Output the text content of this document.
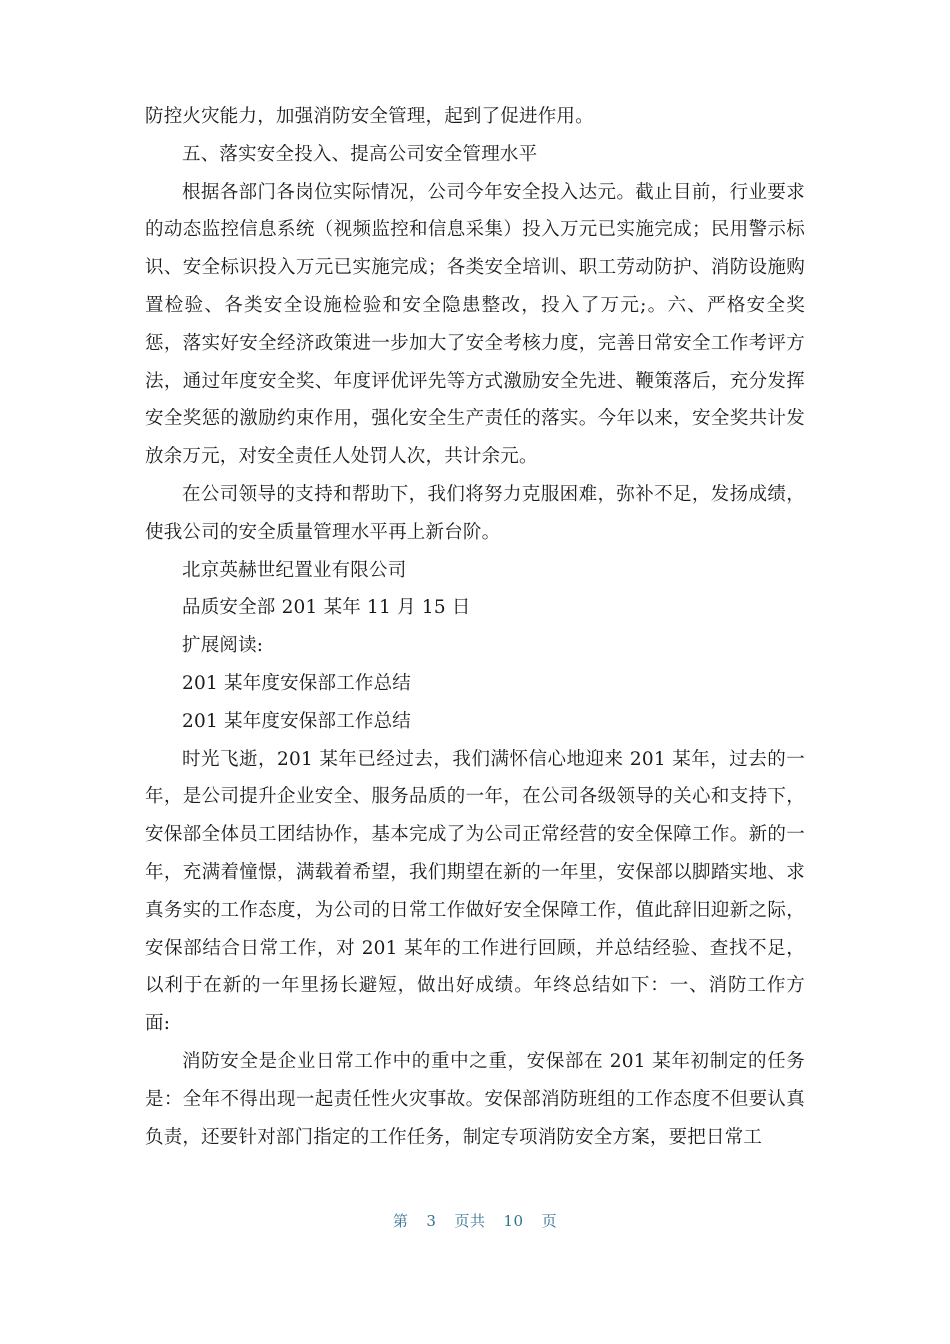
防控火灾能力，加强消防安全管理，起到了促进作用。

五、落实安全投入、提高公司安全管理水平

根据各部门各岗位实际情况，公司今年安全投入达元。截止目前，行业要求的动态监控信息系统（视频监控和信息采集）投入万元已实施完成；民用警示标识、安全标识投入万元已实施完成；各类安全培训、职工劳动防护、消防设施购置检验、各类安全设施检验和安全隐患整改，投入了万元;。六、严格安全奖惩，落实好安全经济政策进一步加大了安全考核力度，完善日常安全工作考评方法，通过年度安全奖、年度评优评先等方式激励安全先进、鞭策落后，充分发挥安全奖惩的激励约束作用，强化安全生产责任的落实。今年以来，安全奖共计发放余万元，对安全责任人处罚人次，共计余元。

在公司领导的支持和帮助下，我们将努力克服困难，弥补不足，发扬成绩，使我公司的安全质量管理水平再上新台阶。

北京英赫世纪置业有限公司

品质安全部 201 某年 11 月 15 日

扩展阅读:

201 某年度安保部工作总结

201 某年度安保部工作总结

时光飞逝，201 某年已经过去，我们满怀信心地迎来 201 某年，过去的一年，是公司提升企业安全、服务品质的一年，在公司各级领导的关心和支持下，安保部全体员工团结协作，基本完成了为公司正常经营的安全保障工作。新的一年，充满着憧憬，满载着希望，我们期望在新的一年里，安保部以脚踏实地、求真务实的工作态度，为公司的日常工作做好安全保障工作，值此辞旧迎新之际，安保部结合日常工作，对 201 某年的工作进行回顾，并总结经验、查找不足，以利于在新的一年里扬长避短，做出好成绩。年终总结如下：一、消防工作方面:

消防安全是企业日常工作中的重中之重，安保部在 201 某年初制定的任务是：全年不得出现一起责任性火灾事故。安保部消防班组的工作态度不但要认真负责，还要针对部门指定的工作任务，制定专项消防安全方案，要把日常工

第 3 页共 10 页
